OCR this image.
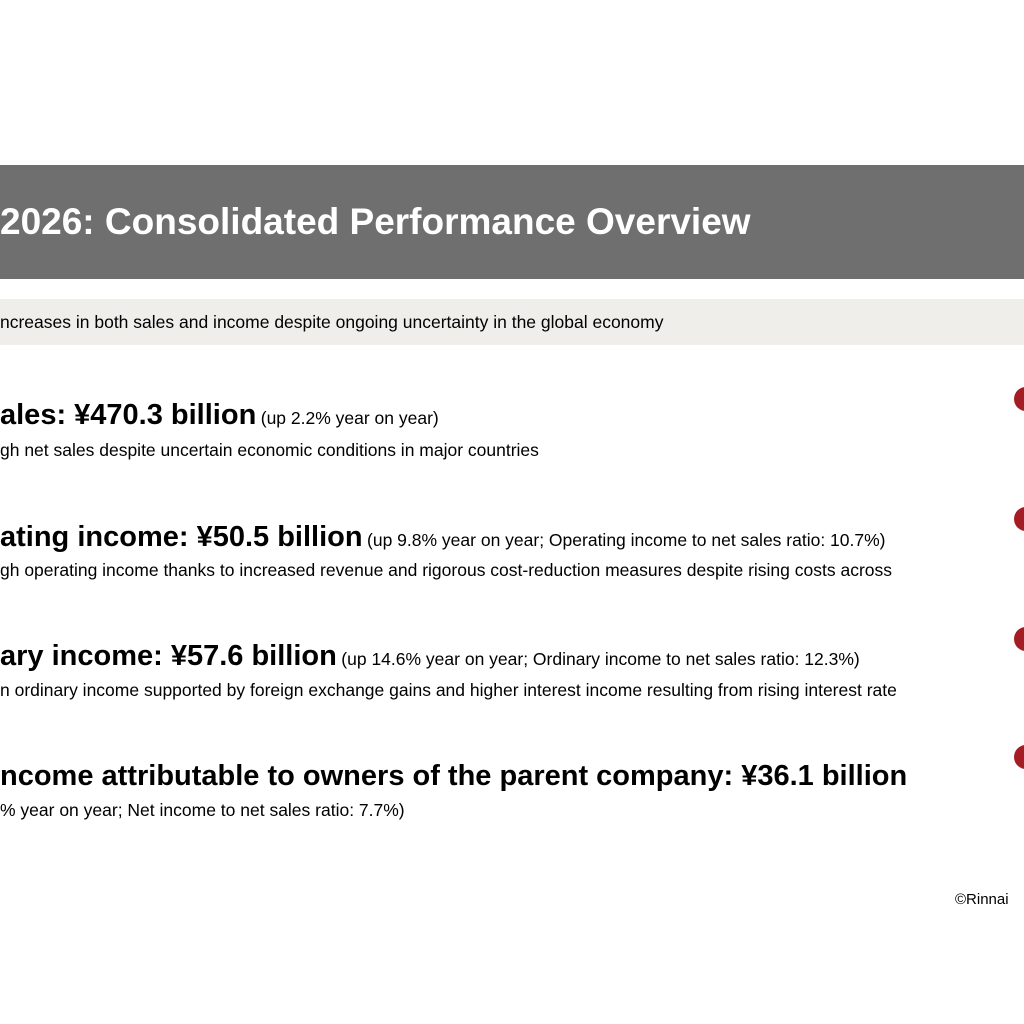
2026: Consolidated Performance Overview
ncreases in both sales and income despite ongoing uncertainty in the global economy
ales: ¥470.3 billion (up 2.2% year on year)
gh net sales despite uncertain economic conditions in major countries
ating income: ¥50.5 billion (up 9.8% year on year; Operating income to net sales ratio: 10.7%)
gh operating income thanks to increased revenue and rigorous cost-reduction measures despite rising costs across
ary income: ¥57.6 billion (up 14.6% year on year; Ordinary income to net sales ratio: 12.3%)
n ordinary income supported by foreign exchange gains and higher interest income resulting from rising interest rate
ncome attributable to owners of the parent company: ¥36.1 billion
% year on year; Net income to net sales ratio: 7.7%)
©Rinnai
